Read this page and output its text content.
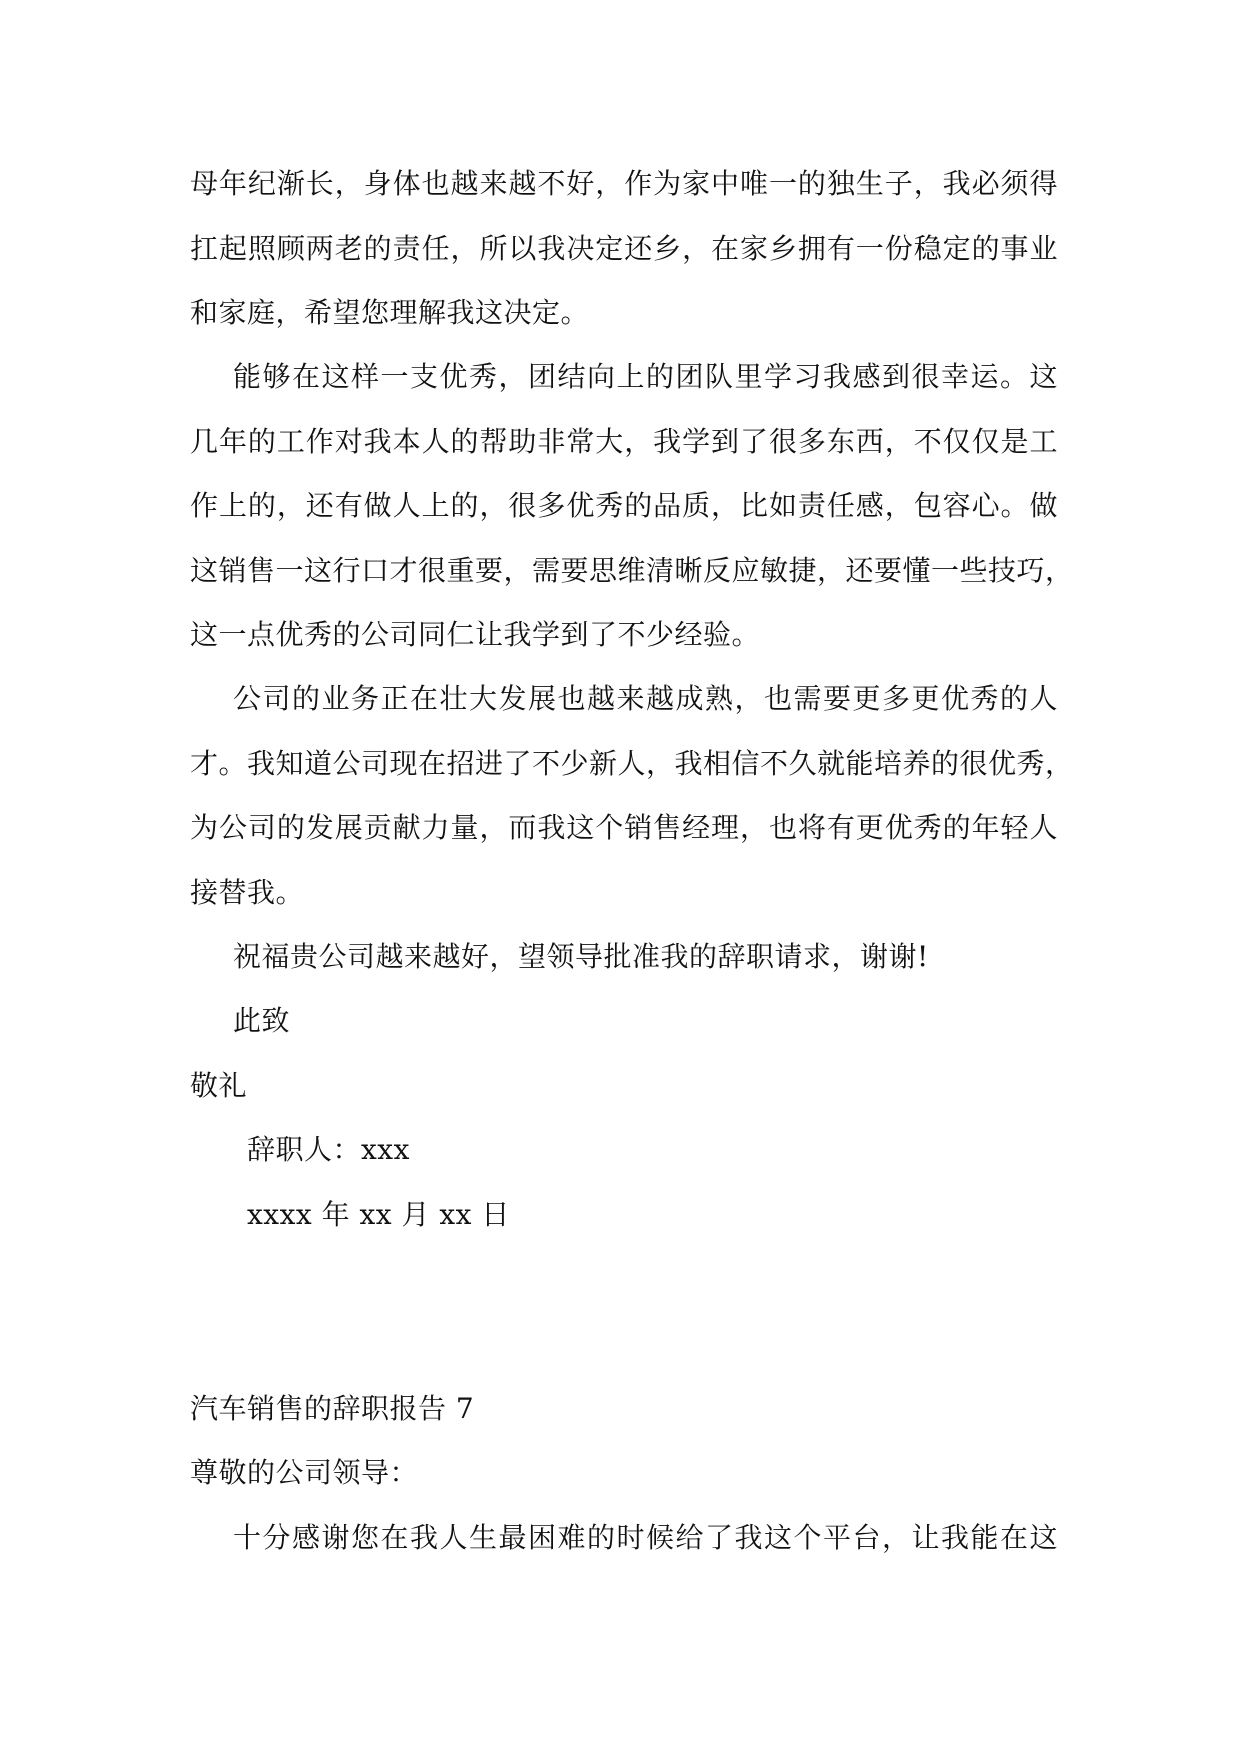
母年纪渐长，身体也越来越不好，作为家中唯一的独生子，我必须得
扛起照顾两老的责任，所以我决定还乡，在家乡拥有一份稳定的事业
和家庭，希望您理解我这决定。
能够在这样一支优秀，团结向上的团队里学习我感到很幸运。这
几年的工作对我本人的帮助非常大，我学到了很多东西，不仅仅是工
作上的，还有做人上的，很多优秀的品质，比如责任感，包容心。做
这销售一这行口才很重要，需要思维清晰反应敏捷，还要懂一些技巧，
这一点优秀的公司同仁让我学到了不少经验。
公司的业务正在壮大发展也越来越成熟，也需要更多更优秀的人
才。我知道公司现在招进了不少新人，我相信不久就能培养的很优秀，
为公司的发展贡献力量，而我这个销售经理，也将有更优秀的年轻人
接替我。
祝福贵公司越来越好，望领导批准我的辞职请求，谢谢!
此致
敬礼
辞职人：xxx
xxxx 年 xx 月 xx 日
汽车销售的辞职报告 7
尊敬的公司领导：
十分感谢您在我人生最困难的时候给了我这个平台，让我能在这
